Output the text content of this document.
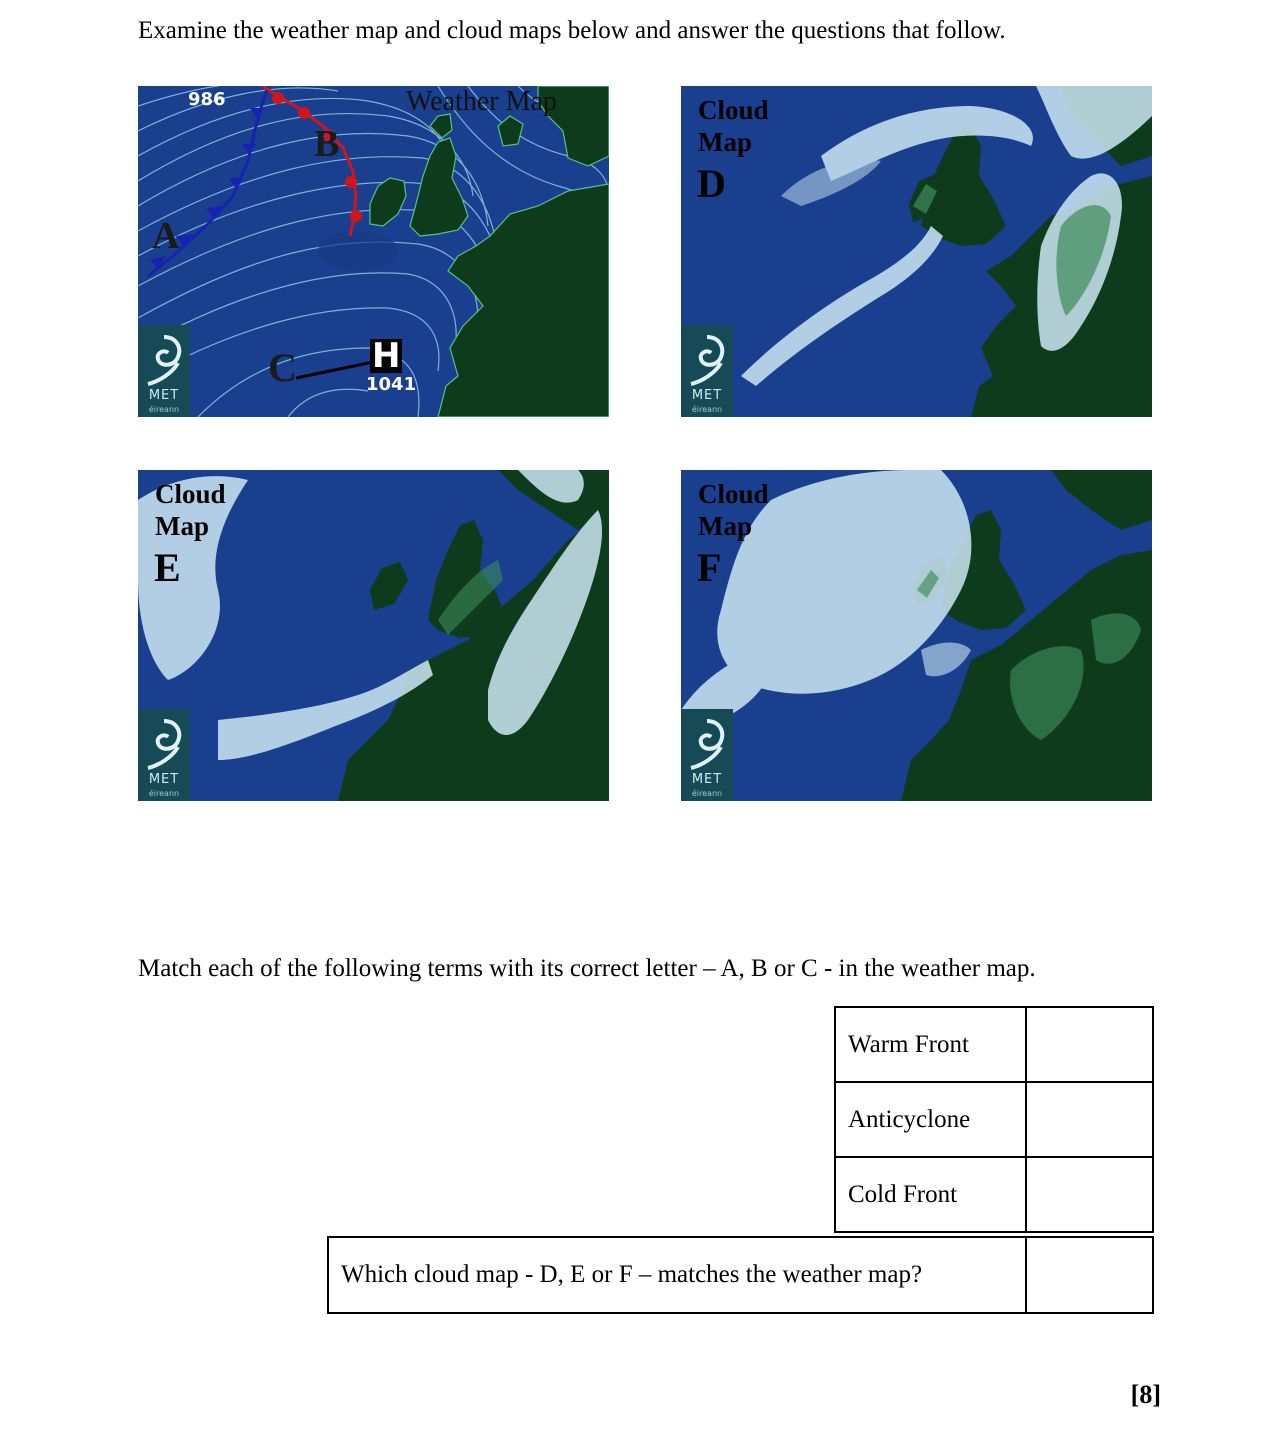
Examine the weather map and cloud maps below and answer the questions that follow.
986	Weather Map
B
A
C H
1041
MET
éireann
Cloud
Map
D
MET
éireann
Cloud
Map
E
MET
éireann
Cloud
Map
F
MET
éireann
Match each of the following terms with its correct letter – A, B or C - in the weather map.
Warm Front	
Anticyclone	
Cold Front	
Which cloud map - D, E or F – matches the weather map?	
[8]
